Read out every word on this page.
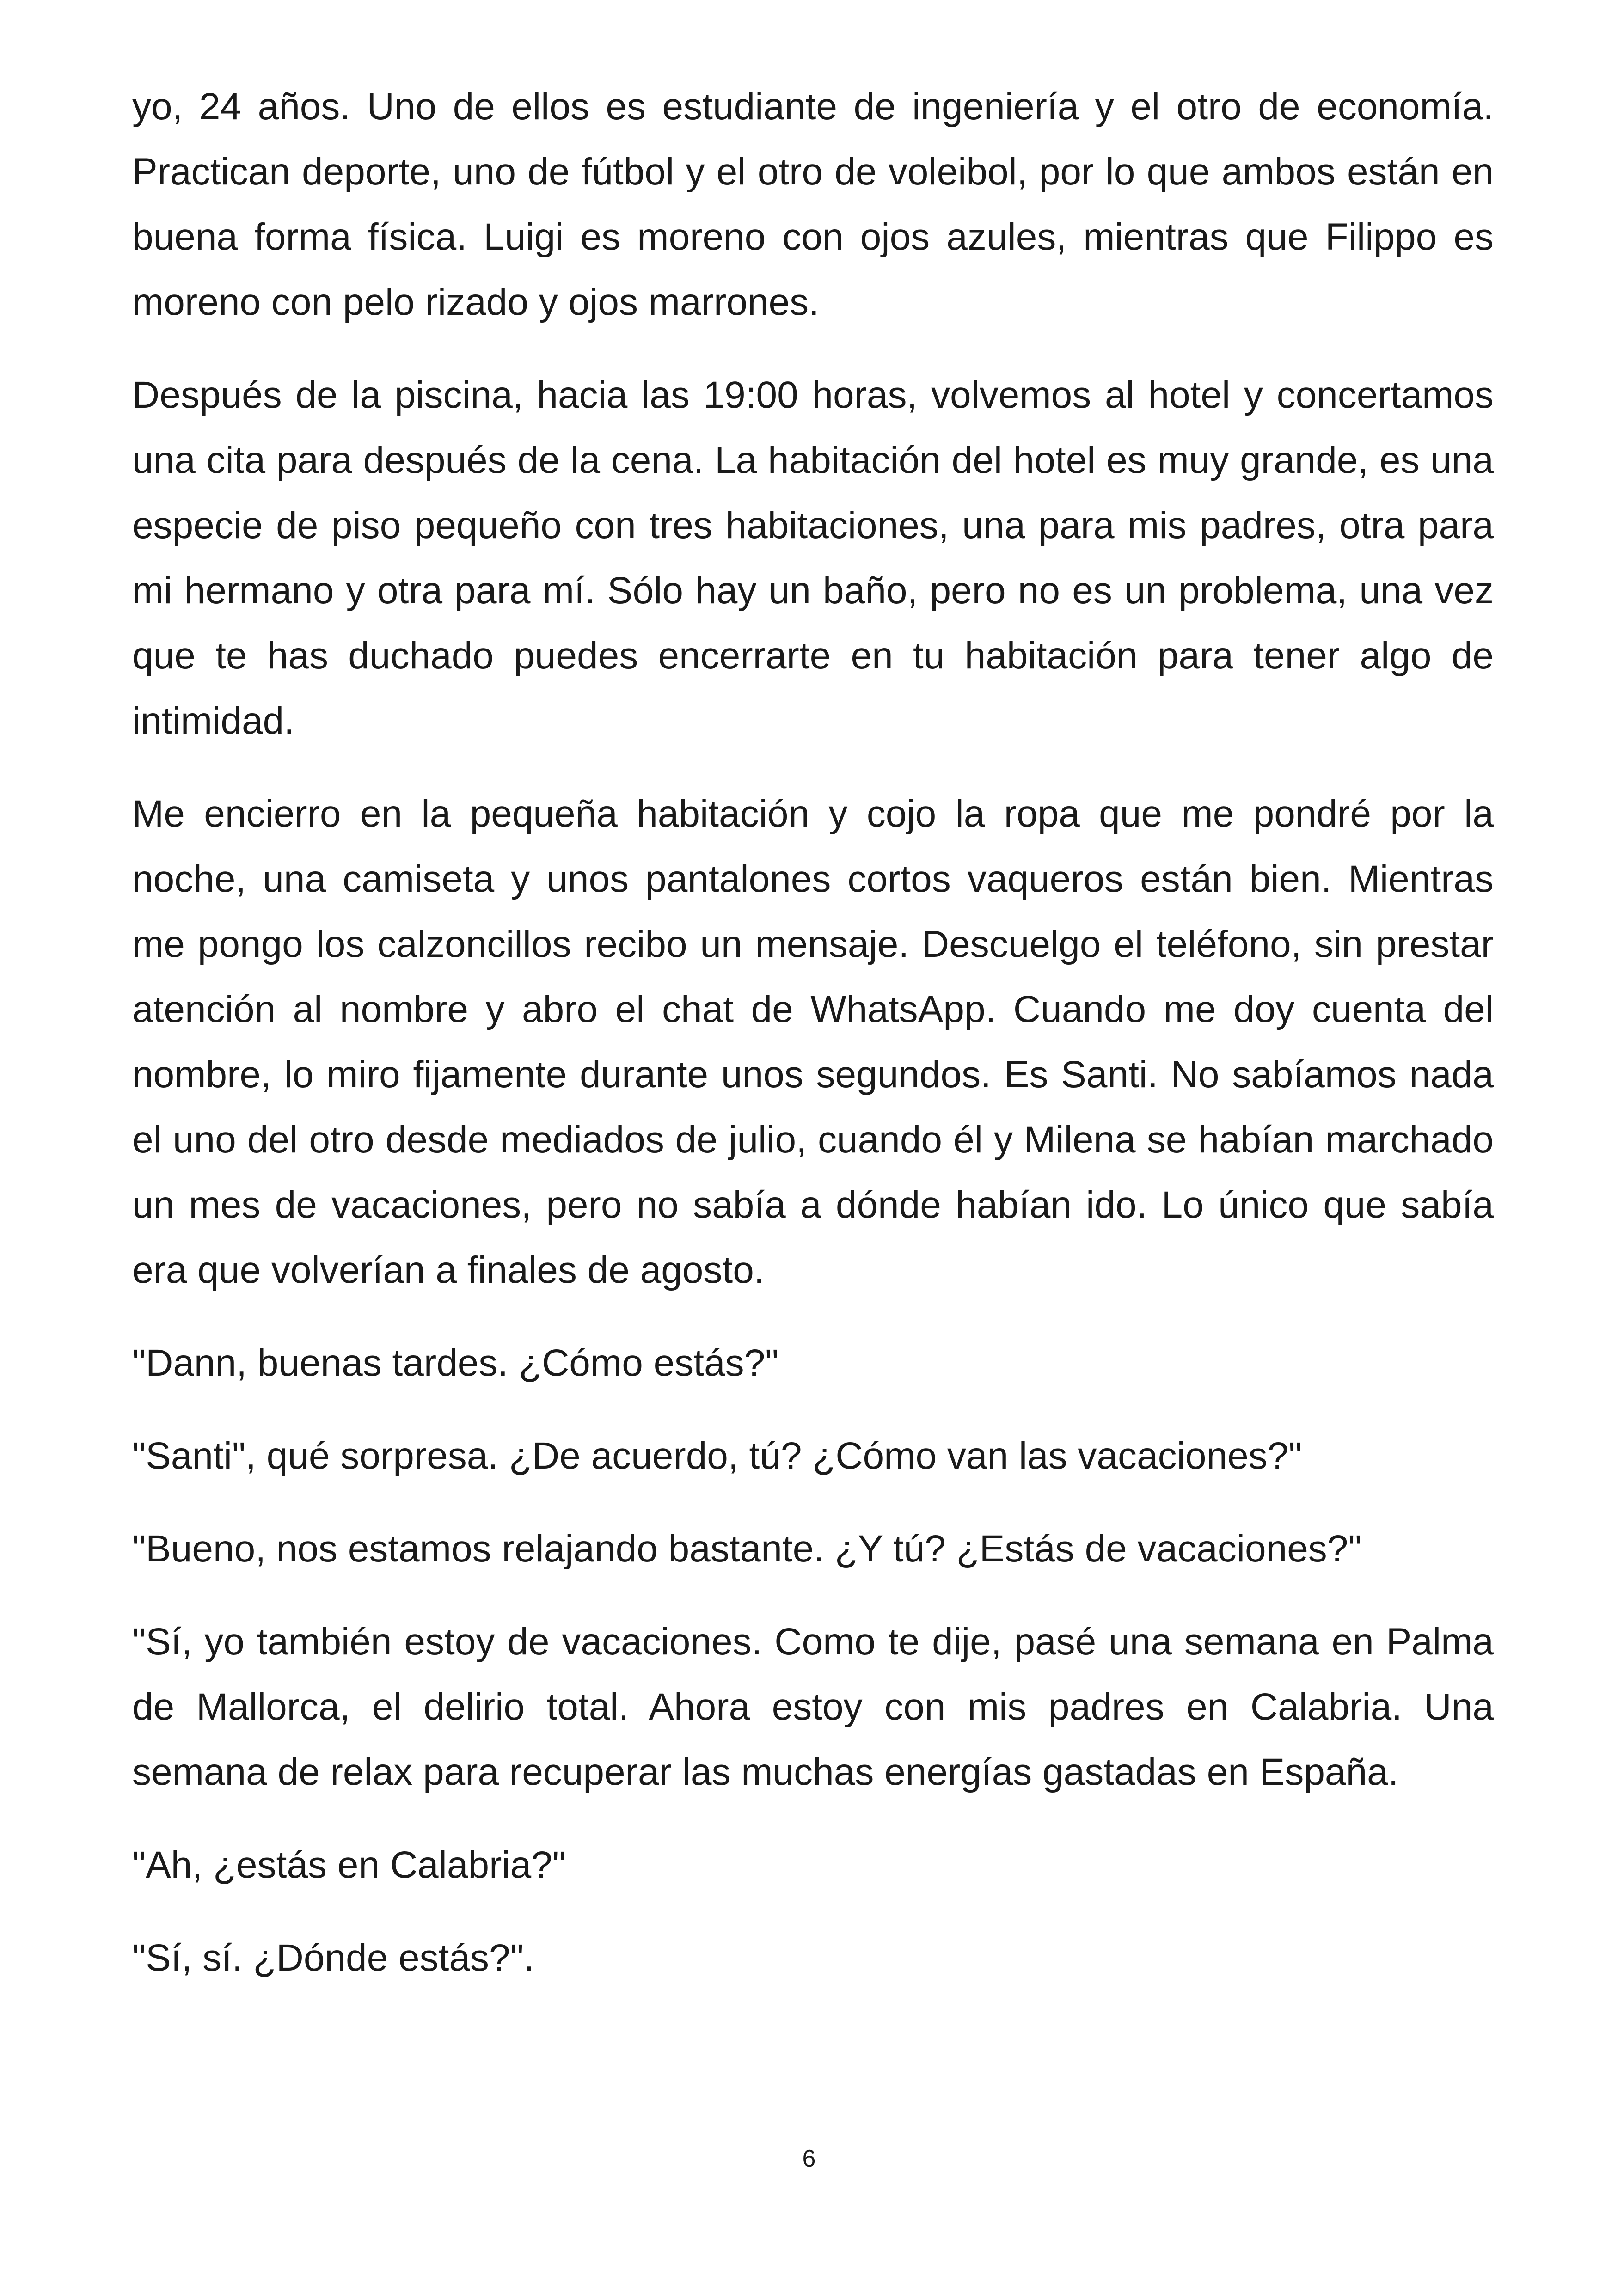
yo, 24 años. Uno de ellos es estudiante de ingeniería y el otro de economía. Practican deporte, uno de fútbol y el otro de voleibol, por lo que ambos están en buena forma física. Luigi es moreno con ojos azules, mientras que Filippo es moreno con pelo rizado y ojos marrones.

Después de la piscina, hacia las 19:00 horas, volvemos al hotel y concertamos una cita para después de la cena. La habitación del hotel es muy grande, es una especie de piso pequeño con tres habitaciones, una para mis padres, otra para mi hermano y otra para mí. Sólo hay un baño, pero no es un problema, una vez que te has duchado puedes encerrarte en tu habitación para tener algo de intimidad.

Me encierro en la pequeña habitación y cojo la ropa que me pondré por la noche, una camiseta y unos pantalones cortos vaqueros están bien. Mientras me pongo los calzoncillos recibo un mensaje. Descuelgo el teléfono, sin prestar atención al nombre y abro el chat de WhatsApp. Cuando me doy cuenta del nombre, lo miro fijamente durante unos segundos. Es Santi. No sabíamos nada el uno del otro desde mediados de julio, cuando él y Milena se habían marchado un mes de vacaciones, pero no sabía a dónde habían ido. Lo único que sabía era que volverían a finales de agosto.

"Dann, buenas tardes. ¿Cómo estás?"

"Santi", qué sorpresa. ¿De acuerdo, tú? ¿Cómo van las vacaciones?"

"Bueno, nos estamos relajando bastante. ¿Y tú? ¿Estás de vacaciones?"

"Sí, yo también estoy de vacaciones. Como te dije, pasé una semana en Palma de Mallorca, el delirio total. Ahora estoy con mis padres en Calabria. Una semana de relax para recuperar las muchas energías gastadas en España.

"Ah, ¿estás en Calabria?"

"Sí, sí. ¿Dónde estás?".

6
